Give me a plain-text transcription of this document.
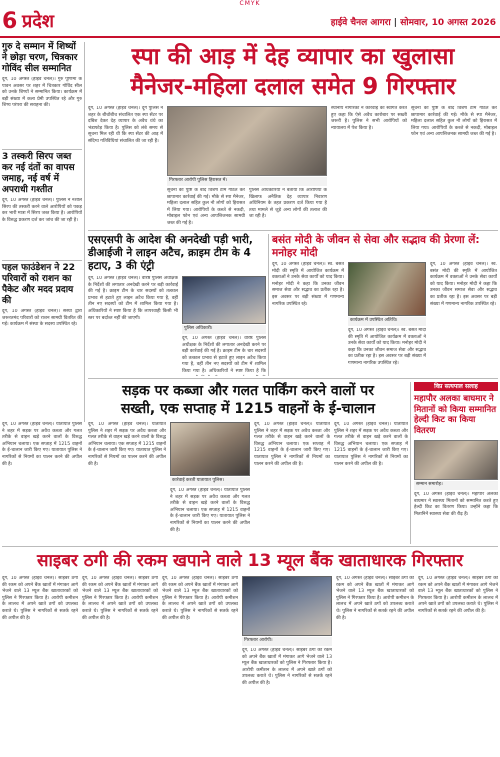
CMYK
6 प्रदेश	हाईवे चैनल आगरा | सोमवार, 10 अगस्त 2026
गुरु दे सम्मान में शिष्यों ने छोड़ा चरण, चित्रकार गोविंद सील सम्मानित
दूर्ग, 10 अगस्त (हाईवे चैनल)। गुरु पूर्णिमा के पावन अवसर पर शहर में चित्रकार गोविंद सील को उनके शिष्यों ने सम्मानित किया। कार्यक्रम में बड़ी संख्या में कला प्रेमी उपस्थित रहे और गुरु शिष्य परंपरा की सराहना की।
3 तस्करी सिरप जब्त कर नई दंतों का वापस जमाह, नई वर्ष में अपराधी गश्तीत
दूर्ग, 10 अगस्त (हाईवे चैनल)। पुलिस ने नशीले सिरप की तस्करी करने वाले आरोपियों को पकड़ कर भारी मात्रा में सिरप जब्त किया है। आरोपियों के विरुद्ध प्रकरण दर्ज कर जांच की जा रही है।
पहल फाउंडेशन ने 22 परिवारों को राशन का पैकेट और मदद प्रदाय की
दूर्ग, 10 अगस्त (हाईवे चैनल)। संस्था द्वारा जरूरतमंद परिवारों को राशन सामग्री वितरित की गई। कार्यक्रम में संस्था के सदस्य उपस्थित रहे।
स्पा की आड़ में देह व्यापार का खुलासा
मैनेजर-महिला दलाल समेत 9 गिरफ्तार
दूर्ग, 10 अगस्त (हाईवे चैनल)। दूर्ग पुलिस ने शहर के बीचोंबीच संचालित एक स्पा सेंटर पर दबिश देकर देह व्यापार के अवैध धंधे का भंडाफोड़ किया है। पुलिस को लंबे समय से सूचना मिल रही थी कि स्पा सेंटर की आड़ में संदिग्ध गतिविधियां संचालित की जा रही हैं।
गिरफ्तार आरोपी पुलिस हिरासत में।
सूचना की पुष्टि के बाद विशेष टीम गठित कर छापामार कार्रवाई की गई। मौके से स्पा मैनेजर, महिला दलाल सहित कुल नौ लोगों को हिरासत में लिया गया। आरोपियों के कब्जे से नकदी, मोबाइल फोन एवं अन्य आपत्तिजनक सामग्री जब्त की गई है।
पुलिस अधिकारियों ने बताया कि आरोपियों के खिलाफ अनैतिक देह व्यापार निवारण अधिनियम के तहत प्रकरण दर्ज किया गया है तथा मामले से जुड़े अन्य लोगों की तलाश की जा रही है।
स्थानीय नागरिकों ने कार्रवाई का स्वागत करते हुए कहा कि ऐसे अवैध कारोबार पर सख्ती जरूरी है। पुलिस ने सभी आरोपियों को न्यायालय में पेश किया है।
सूचना की पुष्टि के बाद विशेष टीम गठित कर छापामार कार्रवाई की गई। मौके से स्पा मैनेजर, महिला दलाल सहित कुल नौ लोगों को हिरासत में लिया गया। आरोपियों के कब्जे से नकदी, मोबाइल फोन एवं अन्य आपत्तिजनक सामग्री जब्त की गई है।
एसएसपी के आदेश की अनदेखी पड़ी भारी, डीआईजी ने लाइन अटैच, क्राइम टीम के 4 हटाए, 3 की एंट्री
दूर्ग, 10 अगस्त (हाईवे चैनल)। वरिष्ठ पुलिस अधीक्षक के निर्देशों की लगातार अनदेखी करने पर बड़ी कार्रवाई की गई है। क्राइम टीम के चार सदस्यों को तत्काल प्रभाव से हटाते हुए लाइन अटैच किया गया है, वहीं तीन नए सदस्यों को टीम में शामिल किया गया है। अधिकारियों ने स्पष्ट किया है कि लापरवाही किसी भी स्तर पर बर्दाश्त नहीं की जाएगी।
पुलिस अधिकारी।
दूर्ग, 10 अगस्त (हाईवे चैनल)। वरिष्ठ पुलिस अधीक्षक के निर्देशों की लगातार अनदेखी करने पर बड़ी कार्रवाई की गई है। क्राइम टीम के चार सदस्यों को तत्काल प्रभाव से हटाते हुए लाइन अटैच किया गया है, वहीं तीन नए सदस्यों को टीम में शामिल किया गया है। अधिकारियों ने स्पष्ट किया है कि
बसंत मोदी के जीवन से सेवा और सद्भाव की प्रेरणा लें: मनोहर मोदी
दूर्ग, 10 अगस्त (हाईवे चैनल)। स्व. बसंत मोदी की स्मृति में आयोजित कार्यक्रम में वक्ताओं ने उनके सेवा कार्यों को याद किया। मनोहर मोदी ने कहा कि उनका जीवन समाज सेवा और सद्भाव का प्रतीक रहा है। इस अवसर पर बड़ी संख्या में गणमान्य नागरिक उपस्थित रहे।
कार्यक्रम में उपस्थित अतिथि।
दूर्ग, 10 अगस्त (हाईवे चैनल)। स्व. बसंत मोदी की स्मृति में आयोजित कार्यक्रम में वक्ताओं ने उनके सेवा कार्यों को याद किया। मनोहर मोदी ने कहा कि उनका जीवन समाज सेवा और सद्भाव का प्रतीक रहा है। इस अवसर पर बड़ी संख्या में गणमान्य नागरिक उपस्थित रहे।
दूर्ग, 10 अगस्त (हाईवे चैनल)। स्व. बसंत मोदी की स्मृति में आयोजित कार्यक्रम में वक्ताओं ने उनके सेवा कार्यों को याद किया। मनोहर मोदी ने कहा कि उनका जीवन समाज सेवा और सद्भाव का प्रतीक रहा है। इस अवसर पर बड़ी संख्या में गणमान्य नागरिक उपस्थित रहे।
सड़क पर कब्जा और गलत पार्किंग करने वालों पर
सख्ती, एक सप्ताह में 1215 वाहनों के ई-चालान
दूर्ग, 10 अगस्त (हाईवे चैनल)। यातायात पुलिस ने शहर में सड़क पर अवैध कब्जा और गलत तरीके से वाहन खड़े करने वालों के विरुद्ध अभियान चलाया। एक सप्ताह में 1215 वाहनों के ई-चालान जारी किए गए। यातायात पुलिस ने नागरिकों से नियमों का पालन करने की अपील की है।
दूर्ग, 10 अगस्त (हाईवे चैनल)। यातायात पुलिस ने शहर में सड़क पर अवैध कब्जा और गलत तरीके से वाहन खड़े करने वालों के विरुद्ध अभियान चलाया। एक सप्ताह में 1215 वाहनों के ई-चालान जारी किए गए। यातायात पुलिस ने नागरिकों से नियमों का पालन करने की अपील की है।
कार्रवाई करती यातायात पुलिस।
दूर्ग, 10 अगस्त (हाईवे चैनल)। यातायात पुलिस ने शहर में सड़क पर अवैध कब्जा और गलत तरीके से वाहन खड़े करने वालों के विरुद्ध अभियान चलाया। एक सप्ताह में 1215 वाहनों के ई-चालान जारी किए गए। यातायात पुलिस ने नागरिकों से नियमों का पालन करने की अपील की है।
दूर्ग, 10 अगस्त (हाईवे चैनल)। यातायात पुलिस ने शहर में सड़क पर अवैध कब्जा और गलत तरीके से वाहन खड़े करने वालों के विरुद्ध अभियान चलाया। एक सप्ताह में 1215 वाहनों के ई-चालान जारी किए गए। यातायात पुलिस ने नागरिकों से नियमों का पालन करने की अपील की है।
दूर्ग, 10 अगस्त (हाईवे चैनल)। यातायात पुलिस ने शहर में सड़क पर अवैध कब्जा और गलत तरीके से वाहन खड़े करने वालों के विरुद्ध अभियान चलाया। एक सप्ताह में 1215 वाहनों के ई-चालान जारी किए गए। यातायात पुलिस ने नागरिकों से नियमों का पालन करने की अपील की है।
विप्र सत्यपाल सलाह
महापौर अलका बाघमार ने मितानों को किया सम्मानित हेल्दी किट का किया वितरण
सम्मान समारोह।
दूर्ग, 10 अगस्त (हाईवे चैनल)। महापौर अलका बाघमार ने स्वास्थ्य मितानों को सम्मानित करते हुए हेल्दी किट का वितरण किया। उन्होंने कहा कि मितानिनें स्वास्थ्य सेवा की रीढ़ हैं।
साइबर ठगी की रकम खपाने वाले 13 म्यूल बैंक खाताधारक गिरफ्तार
दूर्ग, 10 अगस्त (हाईवे चैनल)। साइबर ठगी की रकम को अपने बैंक खातों में मंगाकर आगे भेजने वाले 13 म्यूल बैंक खाताधारकों को पुलिस ने गिरफ्तार किया है। आरोपी कमीशन के लालच में अपने खाते ठगों को उपलब्ध कराते थे। पुलिस ने नागरिकों से सतर्क रहने की अपील की है।
दूर्ग, 10 अगस्त (हाईवे चैनल)। साइबर ठगी की रकम को अपने बैंक खातों में मंगाकर आगे भेजने वाले 13 म्यूल बैंक खाताधारकों को पुलिस ने गिरफ्तार किया है। आरोपी कमीशन के लालच में अपने खाते ठगों को उपलब्ध कराते थे। पुलिस ने नागरिकों से सतर्क रहने की अपील की है।
दूर्ग, 10 अगस्त (हाईवे चैनल)। साइबर ठगी की रकम को अपने बैंक खातों में मंगाकर आगे भेजने वाले 13 म्यूल बैंक खाताधारकों को पुलिस ने गिरफ्तार किया है। आरोपी कमीशन के लालच में अपने खाते ठगों को उपलब्ध कराते थे। पुलिस ने नागरिकों से सतर्क रहने की अपील की है।
गिरफ्तार आरोपी।
दूर्ग, 10 अगस्त (हाईवे चैनल)। साइबर ठगी की रकम को अपने बैंक खातों में मंगाकर आगे भेजने वाले 13 म्यूल बैंक खाताधारकों को पुलिस ने गिरफ्तार किया है। आरोपी कमीशन के लालच में अपने खाते ठगों को उपलब्ध कराते थे। पुलिस ने नागरिकों से सतर्क रहने की अपील की है।
दूर्ग, 10 अगस्त (हाईवे चैनल)। साइबर ठगी की रकम को अपने बैंक खातों में मंगाकर आगे भेजने वाले 13 म्यूल बैंक खाताधारकों को पुलिस ने गिरफ्तार किया है। आरोपी कमीशन के लालच में अपने खाते ठगों को उपलब्ध कराते थे। पुलिस ने नागरिकों से सतर्क रहने की अपील की है।
दूर्ग, 10 अगस्त (हाईवे चैनल)। साइबर ठगी की रकम को अपने बैंक खातों में मंगाकर आगे भेजने वाले 13 म्यूल बैंक खाताधारकों को पुलिस ने गिरफ्तार किया है। आरोपी कमीशन के लालच में अपने खाते ठगों को उपलब्ध कराते थे। पुलिस ने नागरिकों से सतर्क रहने की अपील की है।
